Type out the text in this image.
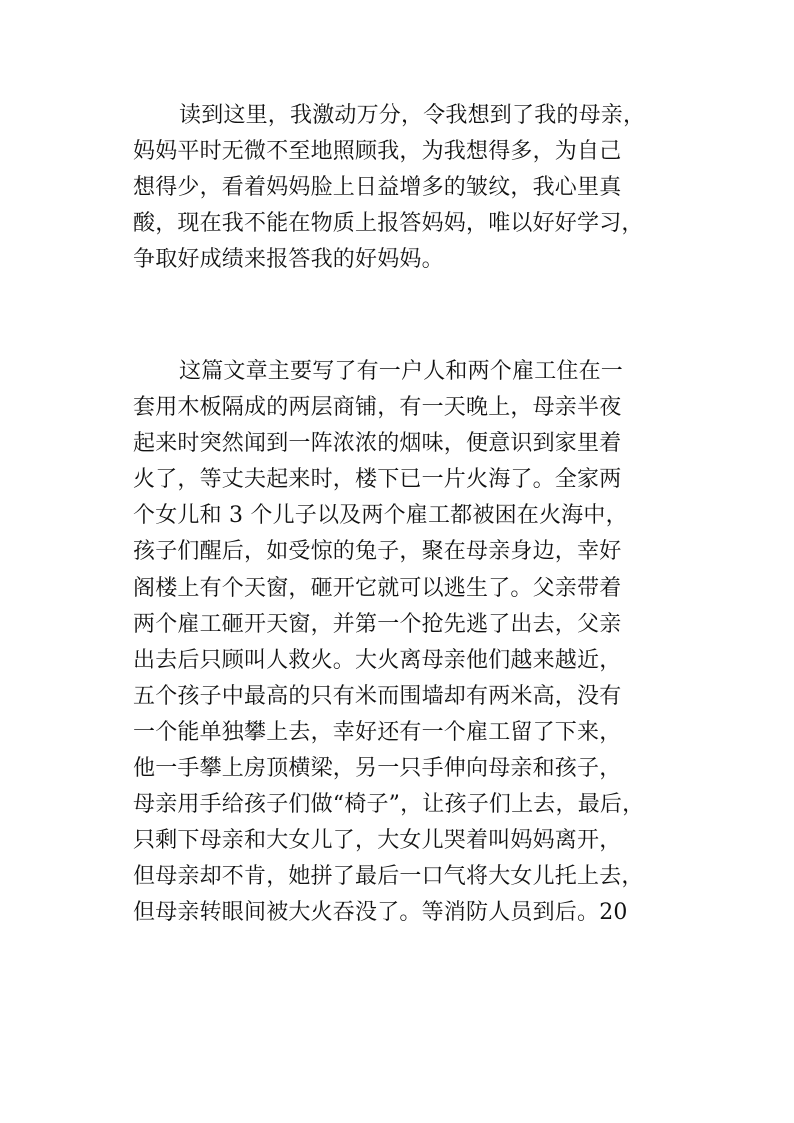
读到这里，我激动万分，令我想到了我的母亲，
妈妈平时无微不至地照顾我，为我想得多，为自己
想得少，看着妈妈脸上日益增多的皱纹，我心里真
酸，现在我不能在物质上报答妈妈，唯以好好学习，
争取好成绩来报答我的好妈妈。
这篇文章主要写了有一户人和两个雇工住在一
套用木板隔成的两层商铺，有一天晚上，母亲半夜
起来时突然闻到一阵浓浓的烟味，便意识到家里着
火了，等丈夫起来时，楼下已一片火海了。全家两
个女儿和 3 个儿子以及两个雇工都被困在火海中，
孩子们醒后，如受惊的兔子，聚在母亲身边，幸好
阁楼上有个天窗，砸开它就可以逃生了。父亲带着
两个雇工砸开天窗，并第一个抢先逃了出去，父亲
出去后只顾叫人救火。大火离母亲他们越来越近，
五个孩子中最高的只有米而围墙却有两米高，没有
一个能单独攀上去，幸好还有一个雇工留了下来，
他一手攀上房顶横梁，另一只手伸向母亲和孩子，
母亲用手给孩子们做“椅子”，让孩子们上去，最后，
只剩下母亲和大女儿了，大女儿哭着叫妈妈离开，
但母亲却不肯，她拼了最后一口气将大女儿托上去，
但母亲转眼间被大火吞没了。等消防人员到后。20
